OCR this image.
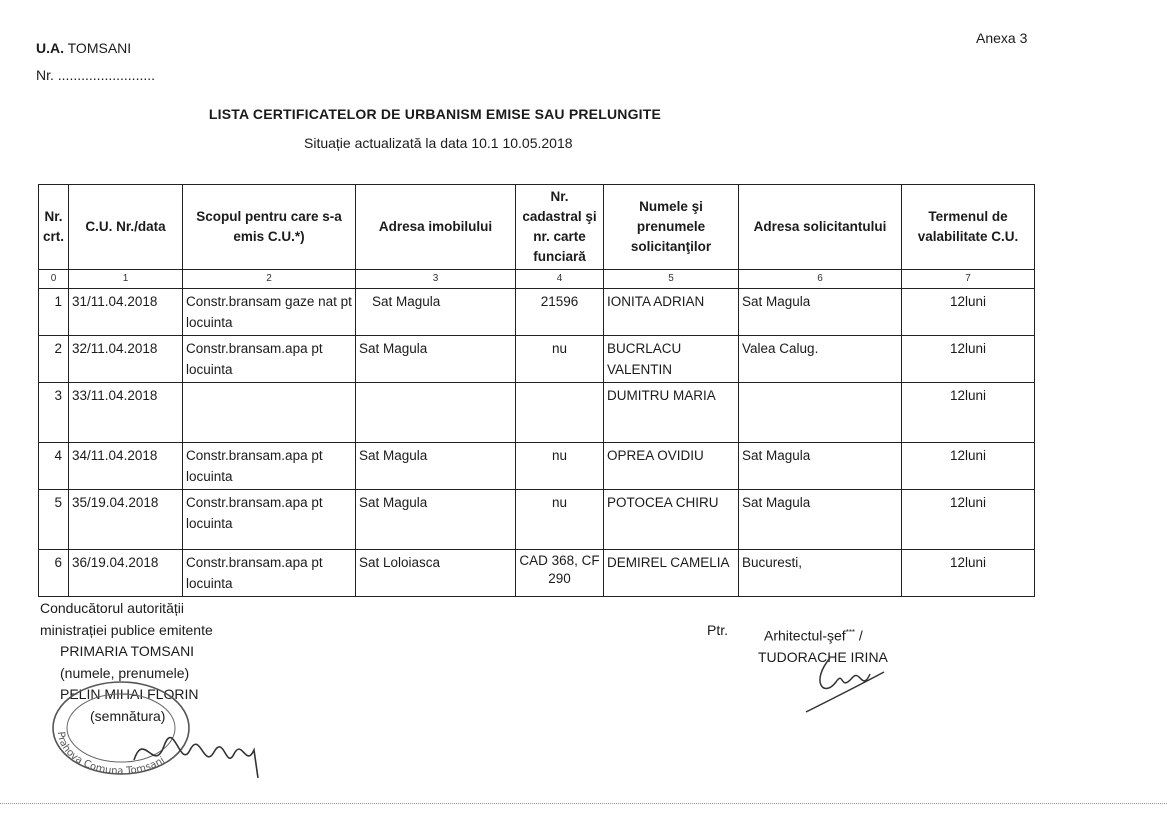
Anexa 3
U.A. TOMSANI
Nr. .........................
LISTA CERTIFICATELOR DE URBANISM EMISE SAU PRELUNGITE
Situație actualizată la data 10.1 10.05.2018
Nr. crt.	C.U. Nr./data	Scopul pentru care s-a emis C.U.*)	Adresa imobilului	Nr. cadastral şi nr. carte funciară	Numele şi prenumele solicitanţilor	Adresa solicitantului	Termenul de valabilitate C.U.
0	1	2	3	4	5	6	7
1	31/11.04.2018	Constr.bransam gaze nat pt locuinta	Sat Magula	21596	IONITA ADRIAN	Sat Magula	12luni
2	32/11.04.2018	Constr.bransam.apa pt locuinta	Sat Magula	nu	BUCRLACU VALENTIN	Valea Calug.	12luni
3	33/11.04.2018				DUMITRU MARIA		12luni
4	34/11.04.2018	Constr.bransam.apa pt locuinta	Sat Magula	nu	OPREA OVIDIU	Sat Magula	12luni
5	35/19.04.2018	Constr.bransam.apa pt locuinta	Sat Magula	nu	POTOCEA CHIRU	Sat Magula	12luni
6	36/19.04.2018	Constr.bransam.apa pt locuinta	Sat Loloiasca	CAD 368, CF 290	DEMIREL CAMELIA	Bucuresti,	12luni
Conducătorul autorității
ministrației publice emitente
PRIMARIA TOMSANI
(numele, prenumele)
PELIN MIHAI FLORIN
(semnătura)
Prahova Comuna Tomsani
Ptr.	Arhitectul-şef*** /
TUDORACHE IRINA
